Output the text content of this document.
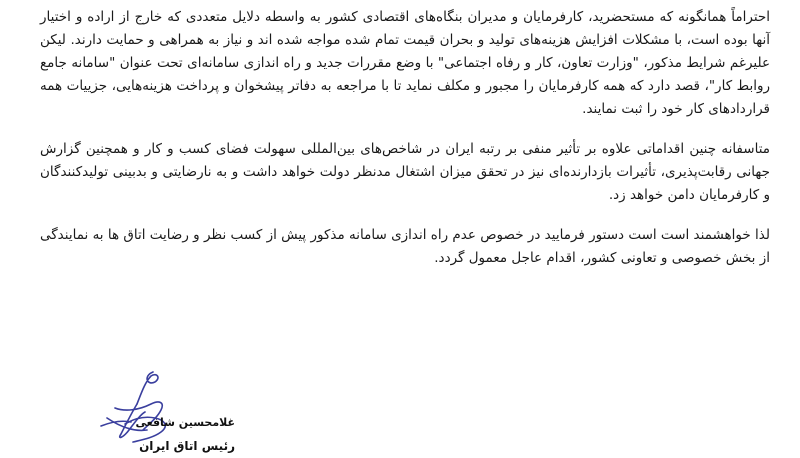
احتراماً همانگونه که مستحضرید، کارفرمایان و مدیران بنگاه‌های اقتصادی کشور به واسطه دلایل متعددی که خارج از اراده و اختیار آنها بوده است، با مشکلات افزایش هزینه‌های تولید و بحران قیمت تمام شده مواجه شده اند و نیاز به همراهی و حمایت دارند. لیکن علیرغم شرایط مذکور، "وزارت تعاون، کار و رفاه اجتماعی" با وضع مقررات جدید و راه اندازی سامانه‌ای تحت عنوان "سامانه جامع روابط کار"، قصد دارد که همه کارفرمایان را مجبور و مکلف نماید تا با مراجعه به دفاتر پیشخوان و پرداخت هزینه‌هایی، جزییات همه قراردادهای کار خود را ثبت نمایند.

متاسفانه چنین اقداماتی علاوه بر تأثیر منفی بر رتبه ایران در شاخص‌های بین‌المللی سهولت فضای کسب و کار و همچنین گزارش جهانی رقابت‌پذیری، تأثیرات بازدارنده‌ای نیز در تحقق میزان اشتغال مدنظر دولت خواهد داشت و به نارضایتی و بدبینی تولیدکنندگان و کارفرمایان دامن خواهد زد.

لذا خواهشمند است است دستور فرمایید در خصوص عدم راه اندازی سامانه مذکور پیش از کسب نظر و رضایت اتاق ها به نمایندگی از بخش خصوصی و تعاونی کشور، اقدام عاجل معمول گردد.

غلامحسین شافعی
رئیس اتاق ایران
